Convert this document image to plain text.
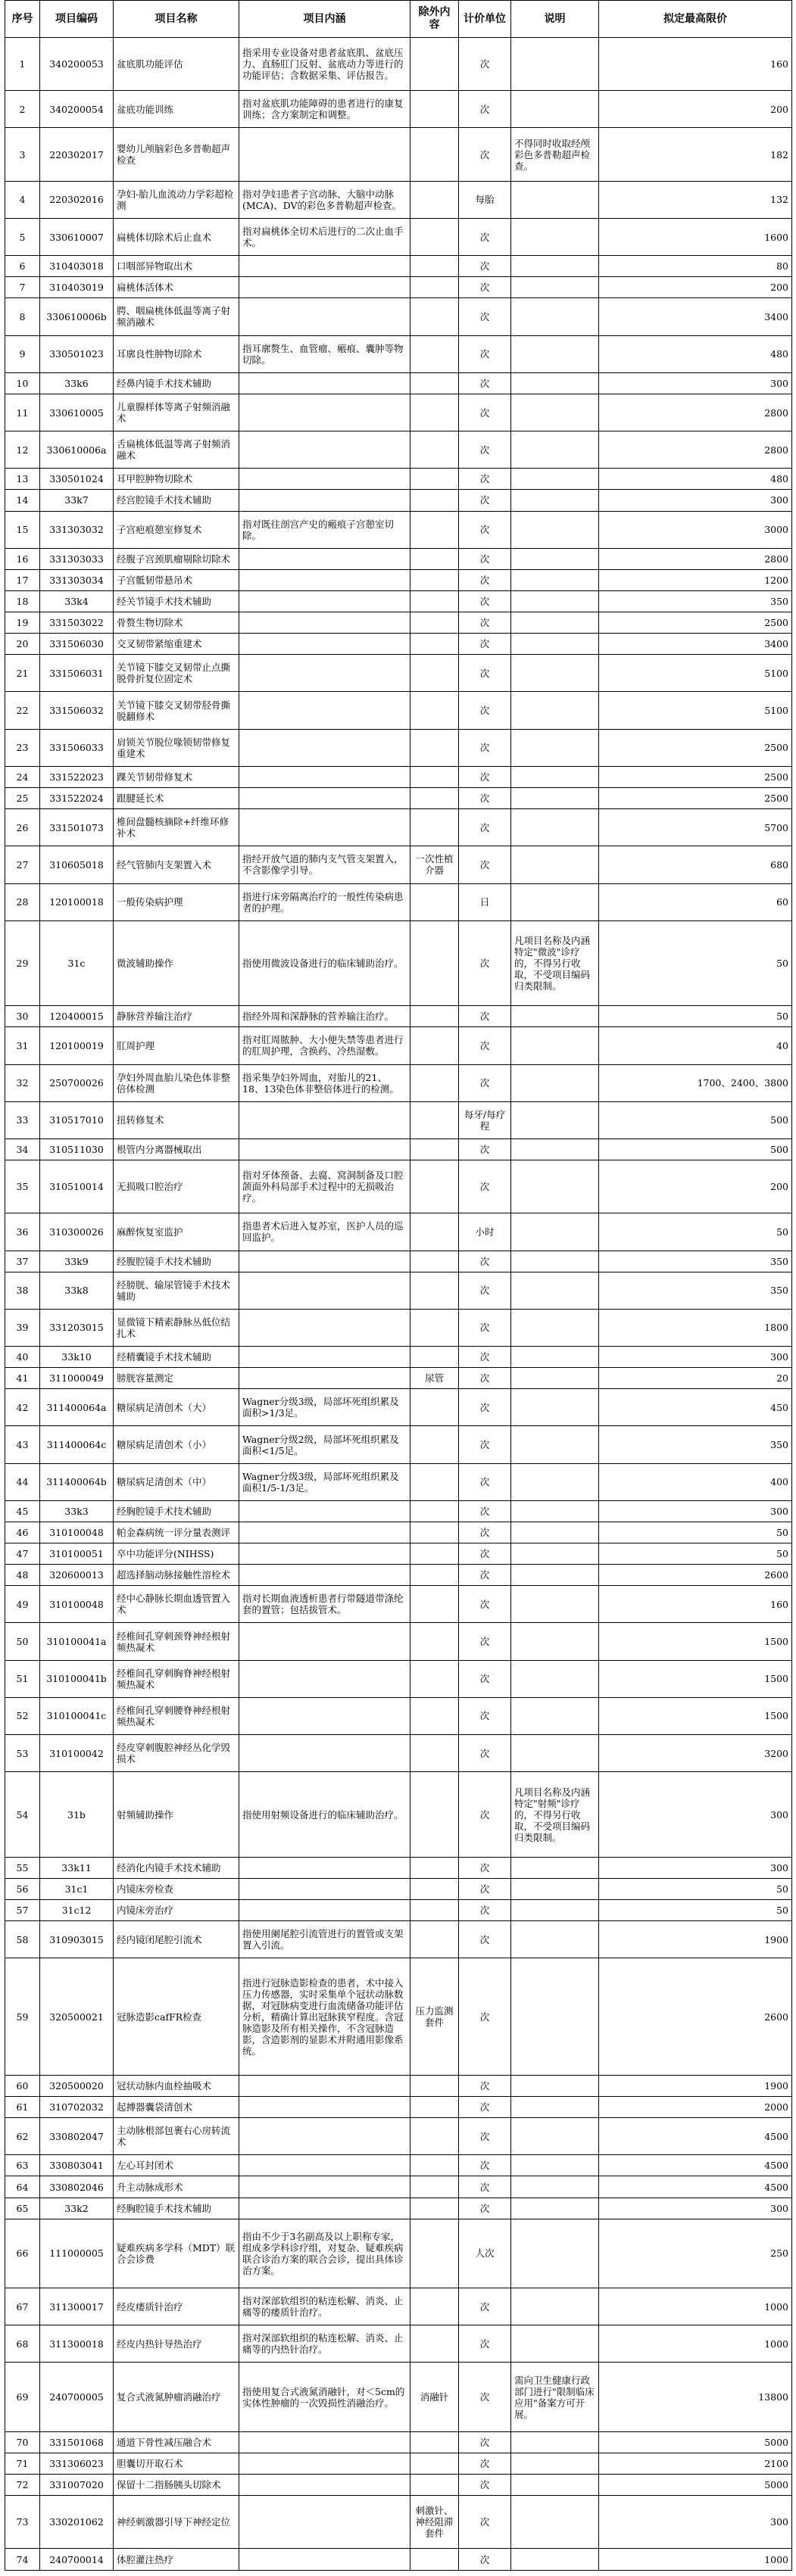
序号	项目编码	项目名称	项目内涵	除外内容	计价单位	说明	拟定最高限价
1	340200053	盆底肌功能评估	指采用专业设备对患者盆底肌、盆底压力、直肠肛门反射、盆底动力等进行的功能评估；含数据采集、评估报告。		次		160
2	340200054	盆底功能训练	指对盆底肌功能障碍的患者进行的康复训练；含方案制定和调整。		次		200
3	220302017	婴幼儿颅脑彩色多普勒超声检查			次	不得同时收取经颅彩色多普勒超声检查。	182
4	220302016	孕妇-胎儿血流动力学彩超检测	指对孕妇患者子宫动脉、大脑中动脉(MCA)、DV的彩色多普勒超声检查。		每胎		132
5	330610007	扁桃体切除术后止血术	指对扁桃体全切术后进行的二次止血手术。		次		1600
6	310403018	口咽部异物取出术			次		80
7	310403019	扁桃体活体术			次		200
8	330610006b	腭、咽扁桃体低温等离子射频消融术			次		3400
9	330501023	耳廓良性肿物切除术	指耳廓赘生、血管瘤、瘢痕、囊肿等物切除。		次		480
10	33k6	经鼻内镜手术技术辅助			次		300
11	330610005	儿童腺样体等离子射频消融术			次		2800
12	330610006a	舌扁桃体低温等离子射频消融术			次		2800
13	330501024	耳甲腔肿物切除术			次		480
14	33k7	经宫腔镜手术技术辅助			次		300
15	331303032	子宫疤痕憩室修复术	指对既往剖宫产史的瘢痕子宫憩室切除。		次		3000
16	331303033	经腹子宫颈肌瘤剔除切除术			次		2800
17	331303034	子宫骶韧带悬吊术			次		1200
18	33k4	经关节镜手术技术辅助			次		350
19	331503022	骨赘生物切除术			次		2500
20	331506030	交叉韧带紧缩重建术			次		3400
21	331506031	关节镜下膝交叉韧带止点撕脱骨折复位固定术			次		5100
22	331506032	关节镜下膝交叉韧带胫骨撕脱翻修术			次		5100
23	331506033	肩锁关节脱位喙锁韧带修复重建术			次		2500
24	331522023	踝关节韧带修复术			次		2500
25	331522024	跟腱延长术			次		2500
26	331501073	椎间盘髓核摘除+纤维环修补术			次		5700
27	310605018	经气管肺内支架置入术	指经开放气道的肺内支气管支架置入，不含影像学引导。	一次性植介器	次		680
28	120100018	一般传染病护理	指进行床旁隔离治疗的一般性传染病患者的护理。		日		60
29	31c	微波辅助操作	指使用微波设备进行的临床辅助治疗。		次	凡项目名称及内涵特定"微波"诊疗的，不得另行收取，不受项目编码归类限制。	50
30	120400015	静脉营养输注治疗	指经外周和深静脉的营养输注治疗。		次		50
31	120100019	肛周护理	指对肛周脓肿、大小便失禁等患者进行的肛周护理，含换药、冷热湿敷。		次		40
32	250700026	孕妇外周血胎儿染色体非整倍体检测	指采集孕妇外周血，对胎儿的21、18、13染色体非整倍体进行的检测。		次		1700、2400、3800
33	310517010	扭转修复术			每牙/每疗程		500
34	310511030	根管内分离器械取出			次		500
35	310510014	无损吸口腔治疗	指对牙体预备、去腐、窝洞制备及口腔颌面外科局部手术过程中的无损吸治疗。		次		200
36	310300026	麻醉恢复室监护	指患者术后进入复苏室，医护人员的巡回监护。		小时		50
37	33k9	经腹腔镜手术技术辅助			次		350
38	33k8	经膀胱、输尿管镜手术技术辅助			次		350
39	331203015	显微镜下精索静脉丛低位结扎术			次		1800
40	33k10	经精囊镜手术技术辅助			次		300
41	311000049	膀胱容量测定		尿管	次		20
42	311400064a	糖尿病足清创术（大）	Wagner分级3级，局部坏死组织累及面积>1/3足。		次		450
43	311400064c	糖尿病足清创术（小）	Wagner分级2级，局部坏死组织累及面积<1/5足。		次		350
44	311400064b	糖尿病足清创术（中）	Wagner分级3级，局部坏死组织累及面积1/5-1/3足。		次		400
45	33k3	经胸腔镜手术技术辅助			次		300
46	310100048	帕金森病统一评分量表测评			次		50
47	310100051	卒中功能评分(NIHSS)			次		50
48	320600013	超选择脑动脉接触性溶栓术			次		2600
49	310100048	经中心静脉长期血透管置入术	指对长期血液透析患者行带隧道带涤纶套的置管；包括拔管术。		次		160
50	310100041a	经椎间孔穿刺颈脊神经根射频热凝术			次		1500
51	310100041b	经椎间孔穿刺胸脊神经根射频热凝术			次		1500
52	310100041c	经椎间孔穿刺腰脊神经根射频热凝术			次		1500
53	310100042	经皮穿刺腹腔神经丛化学毁损术			次		3200
54	31b	射频辅助操作	指使用射频设备进行的临床辅助治疗。		次	凡项目名称及内涵特定"射频"诊疗的，不得另行收取，不受项目编码归类限制。	300
55	33k11	经消化内镜手术技术辅助			次		300
56	31c1	内镜床旁检查			次		50
57	31c12	内镜床旁治疗			次		50
58	310903015	经内镜闭尾腔引流术	指使用阑尾腔引流管进行的置管或支架置入引流。		次		1900
59	320500021	冠脉造影cafFR检查	指进行冠脉造影检查的患者，术中接入压力传感器，实时采集单个冠状动脉数据，对冠脉病变进行血流储备功能评估分析，精确计算出冠脉狭窄程度。含冠脉造影及所有相关操作，不含冠脉造影，含造影剂的显影术并附通用影像系统。	压力监测套件	次		2600
60	320500020	冠状动脉内血栓抽吸术			次		1900
61	310702032	起搏器囊袋清创术			次		2000
62	330802047	主动脉根部包裹右心房转流术			次		4500
63	330803041	左心耳封闭术			次		4500
64	330802046	升主动脉成形术			次		4500
65	33k2	经胸腔镜手术技术辅助			次		300
66	111000005	疑难疾病多学科（MDT）联合会诊费	指由不少于3名副高及以上职称专家，组成多学科诊疗组，对复杂、疑难疾病联合诊治方案的联合会诊，提出具体诊治方案。		人次		250
67	311300017	经皮痿质针治疗	指对深部软组织的粘连松解、消炎、止痛等的痿质针治疗。		次		1000
68	311300018	经皮内热针导热治疗	指对深部软组织的粘连松解、消炎、止痛等的内热针治疗。		次		1000
69	240700005	复合式液氮肿瘤消融治疗	指使用复合式液氮消融针，对＜5cm的实体性肿瘤的一次毁损性消融治疗。	消融针	次	需向卫生健康行政部门进行"限制临床应用"备案方可开展。	13800
70	331501068	通道下骨性减压融合术			次		5000
71	331306023	胆囊切开取石术			次		2100
72	331007020	保留十二指肠胰头切除术			次		5000
73	330201062	神经刺激器引导下神经定位		刺激针、神经阻滞套件	次		300
74	240700014	体腔灌注热疗			次		1000
